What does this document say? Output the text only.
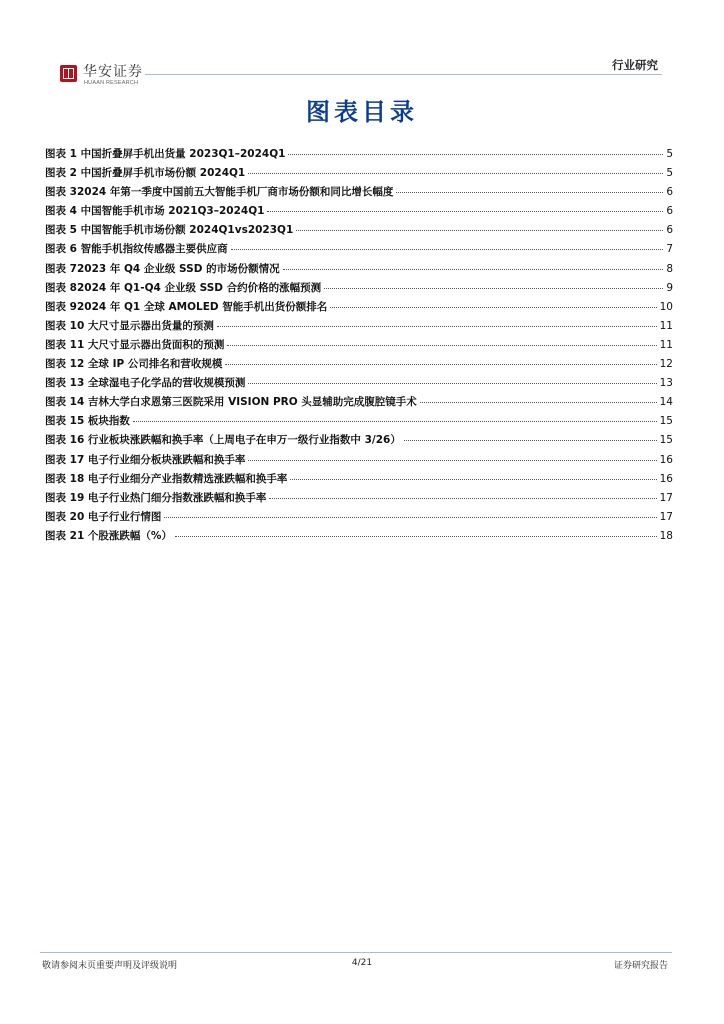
华安证券
HUAAN RESEARCH
行业研究
图表目录
图表 1 中国折叠屏手机出货量 2023Q1–2024Q1	5
图表 2 中国折叠屏手机市场份额 2024Q1	5
图表 32024 年第一季度中国前五大智能手机厂商市场份额和同比增长幅度	6
图表 4 中国智能手机市场 2021Q3–2024Q1	6
图表 5 中国智能手机市场份额 2024Q1vs2023Q1	6
图表 6 智能手机指纹传感器主要供应商	7
图表 72023 年 Q4 企业级 SSD 的市场份额情况	8
图表 82024 年 Q1-Q4 企业级 SSD 合约价格的涨幅预测	9
图表 92024 年 Q1 全球 AMOLED 智能手机出货份额排名	10
图表 10 大尺寸显示器出货量的预测	11
图表 11 大尺寸显示器出货面积的预测	11
图表 12 全球 IP 公司排名和营收规模	12
图表 13 全球湿电子化学品的营收规模预测	13
图表 14 吉林大学白求恩第三医院采用 VISION PRO 头显辅助完成腹腔镜手术	14
图表 15 板块指数	15
图表 16 行业板块涨跌幅和换手率（上周电子在申万一级行业指数中 3/26）	15
图表 17 电子行业细分板块涨跌幅和换手率	16
图表 18 电子行业细分产业指数精选涨跌幅和换手率	16
图表 19 电子行业热门细分指数涨跌幅和换手率	17
图表 20 电子行业行情图	17
图表 21 个股涨跌幅（%）	18
敬请参阅末页重要声明及评级说明	4/21	证券研究报告
